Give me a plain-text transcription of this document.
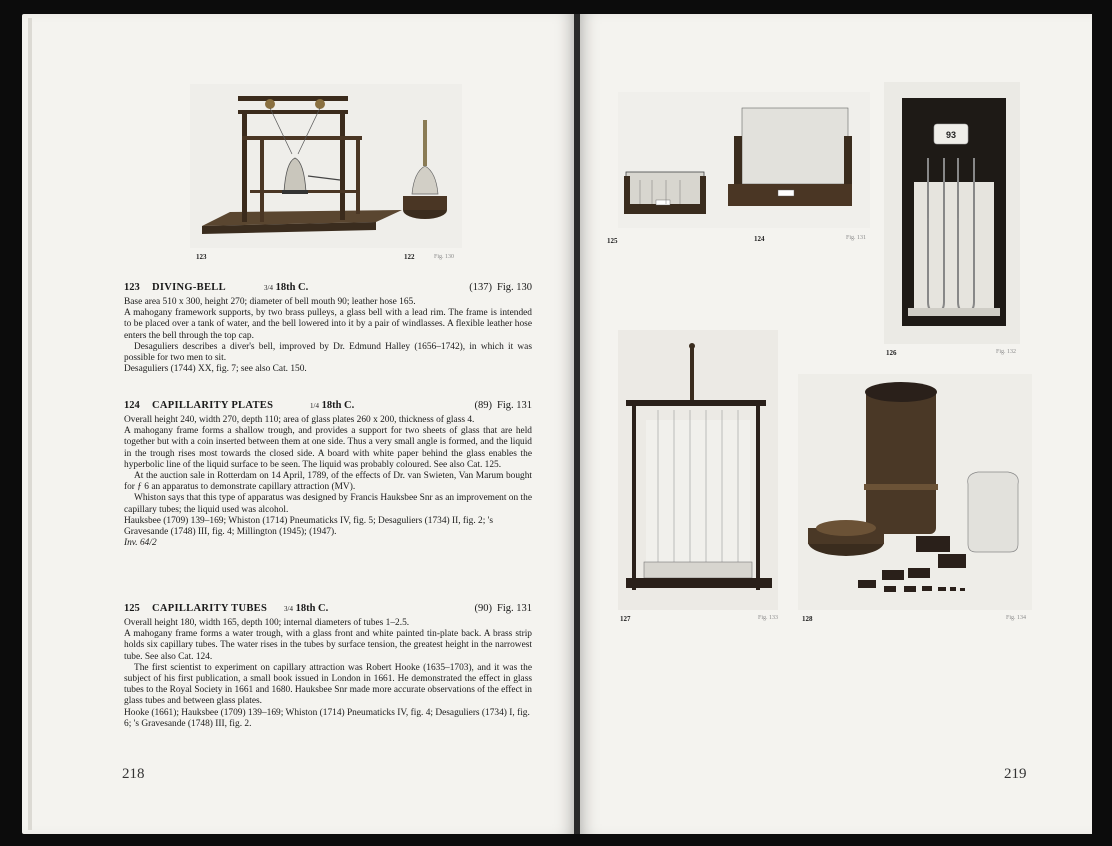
123	122	Fig. 130
123 DIVING-BELL	3/4 18th C.	(137) Fig. 130

Base area 510 x 300, height 270; diameter of bell mouth 90; leather hose 165.

A mahogany framework supports, by two brass pulleys, a glass bell with a lead rim. The frame is intended to be placed over a tank of water, and the bell lowered into it by a pair of windlasses. A flexible leather hose enters the bell through the top cap.

Desaguliers describes a diver's bell, improved by Dr. Edmund Halley (1656–1742), in which it was possible for two men to sit.

Desaguliers (1744) XX, fig. 7; see also Cat. 150.

124 CAPILLARITY PLATES	1/4 18th C.	(89) Fig. 131

Overall height 240, width 270, depth 110; area of glass plates 260 x 200, thickness of glass 4.

A mahogany frame forms a shallow trough, and provides a support for two sheets of glass that are held together but with a coin inserted between them at one side. Thus a very small angle is formed, and the liquid in the trough rises most towards the closed side. A board with white paper behind the glass enables the hyperbolic line of the liquid surface to be seen. The liquid was probably coloured. See also Cat. 125.

At the auction sale in Rotterdam on 14 April, 1789, of the effects of Dr. van Swieten, Van Marum bought for ƒ 6 an apparatus to demonstrate capillary attraction (MV).

Whiston says that this type of apparatus was designed by Francis Hauksbee Snr as an improvement on the capillary tubes; the liquid used was alcohol.

Hauksbee (1709) 139–169; Whiston (1714) Pneumaticks IV, fig. 5; Desaguliers (1734) II, fig. 2; 's Gravesande (1748) III, fig. 4; Millington (1945); (1947).

Inv. 64/2

125 CAPILLARITY TUBES 3/4 18th C.	(90) Fig. 131

Overall height 180, width 165, depth 100; internal diameters of tubes 1–2.5.

A mahogany frame forms a water trough, with a glass front and white painted tin-plate back. A brass strip holds six capillary tubes. The water rises in the tubes by surface tension, the greatest height in the narrowest tube. See also Cat. 124.

The first scientist to experiment on capillary attraction was Robert Hooke (1635–1703), and it was the subject of his first publication, a small book issued in London in 1661. He demonstrated the effect in glass tubes to the Royal Society in 1661 and 1680. Hauksbee Snr made more accurate observations of the effect in glass tubes and between glass plates.

Hooke (1661); Hauksbee (1709) 139–169; Whiston (1714) Pneumaticks IV, fig. 4; Desaguliers (1734) I, fig. 6; 's Gravesande (1748) III, fig. 2.

218
125	124	Fig. 131
93
126	Fig. 132
127	Fig. 133	128	Fig. 134
219
